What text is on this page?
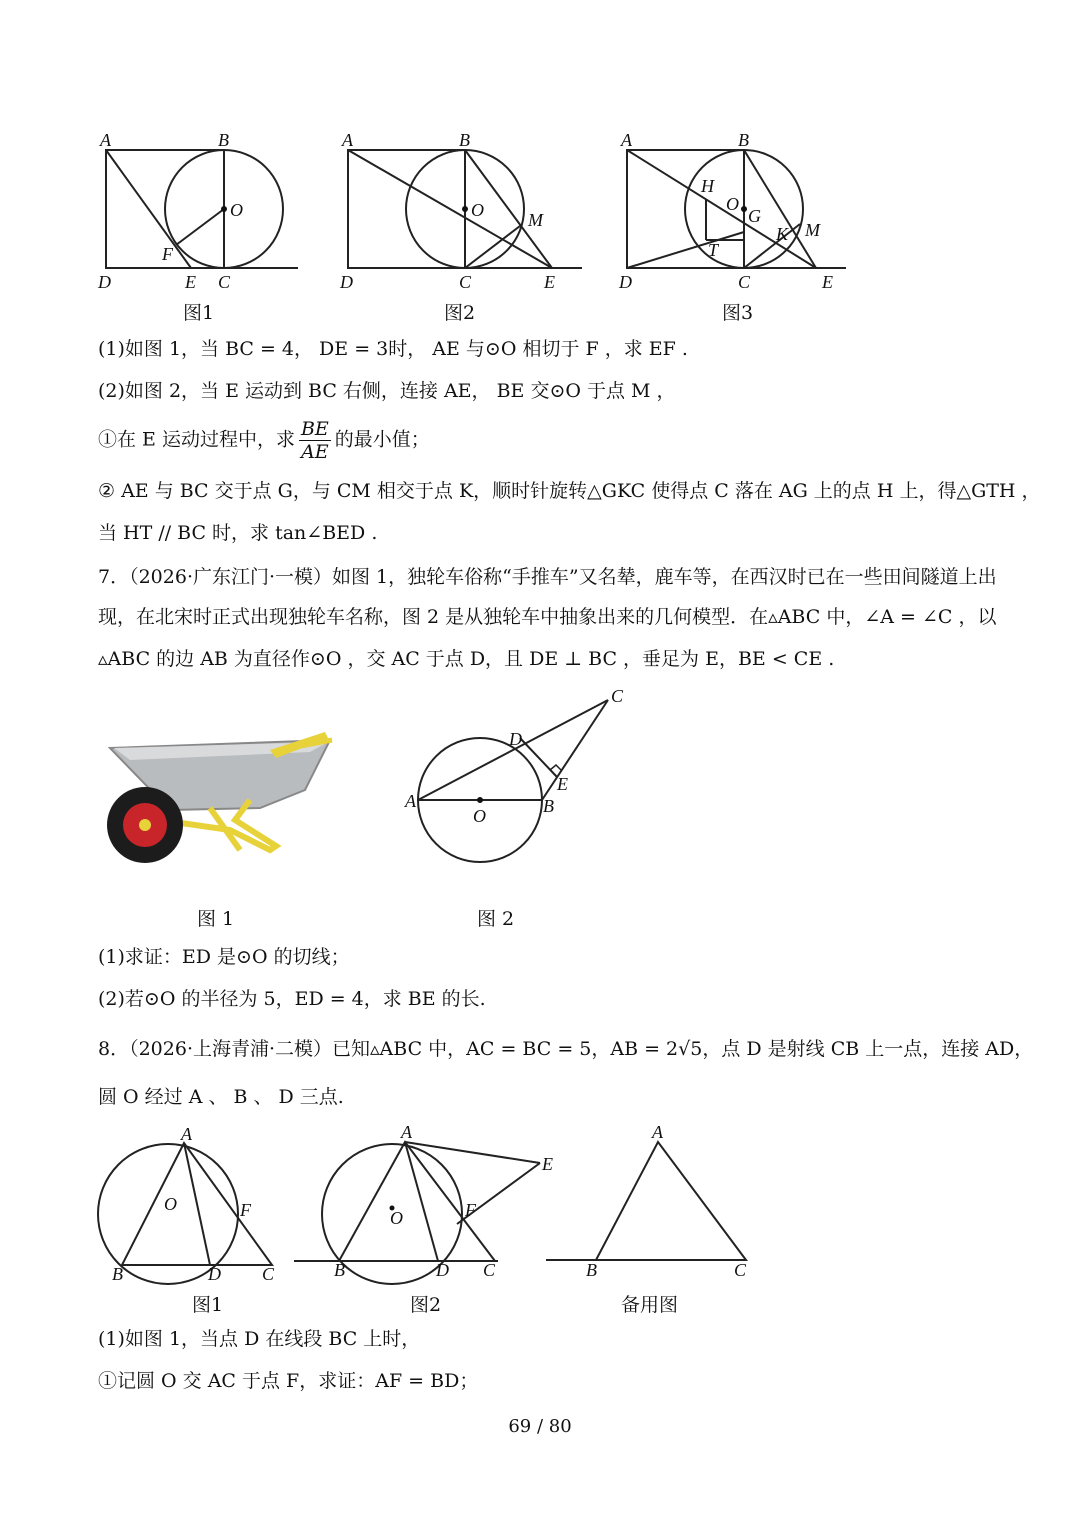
A	B
O
F
D	E C
A	B
O M
D	C	E
A	B
H
O
G
T
K M
D	C	E
图1	图2	图3
(1)如图 1，当 BC = 4， DE = 3时， AE 与⊙O 相切于 F ，求 EF .
(2)如图 2，当 E 运动到 BC 右侧，连接 AE， BE 交⊙O 于点 M ，
①在 E 运动过程中，求 $\frac{BE}{AE}$ 的最小值；
② AE 与 BC 交于点 G，与 CM 相交于点 K，顺时针旋转△GKC 使得点 C 落在 AG 上的点 H 上，得△GTH ，
当 HT // BC 时，求 tan∠BED .
7．（2026·广东江门·一模）如图 1，独轮车俗称“手推车”又名辇，鹿车等，在西汉时已在一些田间隧道上出
现，在北宋时正式出现独轮车名称，图 2 是从独轮车中抽象出来的几何模型．在▵ABC 中，∠A = ∠C ，以
▵ABC 的边 AB 为直径作⊙O ，交 AC 于点 D，且 DE ⊥ BC ，垂足为 E，BE < CE .
A
O	B
D
E
C
图 1	图 2
(1)求证：ED 是⊙O 的切线；
(2)若⊙O 的半径为 5，ED = 4，求 BE 的长.
8．（2026·上海青浦·二模）已知▵ABC 中，AC = BC = 5，AB = 2√5，点 D 是射线 CB 上一点，连接 AD，
圆 O 经过 A 、 B 、 D 三点.
A
O	F
B	D C
A
O	F
E
B	D C
A
B	C
图1	图2	备用图
(1)如图 1，当点 D 在线段 BC 上时，
①记圆 O 交 AC 于点 F，求证：AF = BD；
69 / 80
